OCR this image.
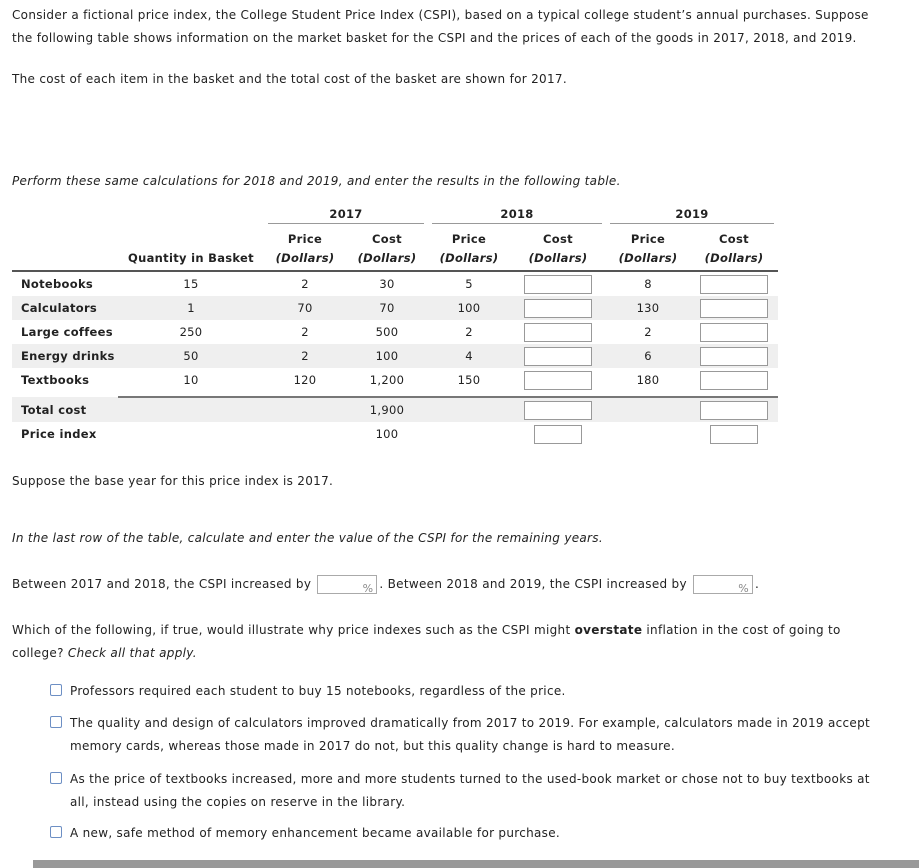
Consider a fictional price index, the College Student Price Index (CSPI), based on a typical college student’s annual purchases. Suppose

the following table shows information on the market basket for the CSPI and the prices of each of the goods in 2017, 2018, and 2019.

The cost of each item in the basket and the total cost of the basket are shown for 2017.

Perform these same calculations for 2018 and 2019, and enter the results in the following table.

		2017		2018		2019	

		Price	Cost	Price	Cost	Price	Cost
	Quantity in Basket	(Dollars)	(Dollars)	(Dollars)	(Dollars)	(Dollars)	(Dollars)
Notebooks	15	2	30	5		8	
Calculators	1	70	70	100		130	
Large coffees	250	2	500	2		2	
Energy drinks	50	2	100	4		6	
Textbooks	10	120	1,200	150		180	

Total cost			1,900				
Price index			100				

Suppose the base year for this price index is 2017.

In the last row of the table, calculate and enter the value of the CSPI for the remaining years.

Between 2017 and 2018, the CSPI increased by	% . Between 2018 and 2019, the CSPI increased by	% .

Which of the following, if true, would illustrate why price indexes such as the CSPI might overstate inflation in the cost of going to

college? Check all that apply.

Professors required each student to buy 15 notebooks, regardless of the price.
The quality and design of calculators improved dramatically from 2017 to 2019. For example, calculators made in 2019 accept memory cards, whereas those made in 2017 do not, but this quality change is hard to measure.
As the price of textbooks increased, more and more students turned to the used-book market or chose not to buy textbooks at all, instead using the copies on reserve in the library.
A new, safe method of memory enhancement became available for purchase.
